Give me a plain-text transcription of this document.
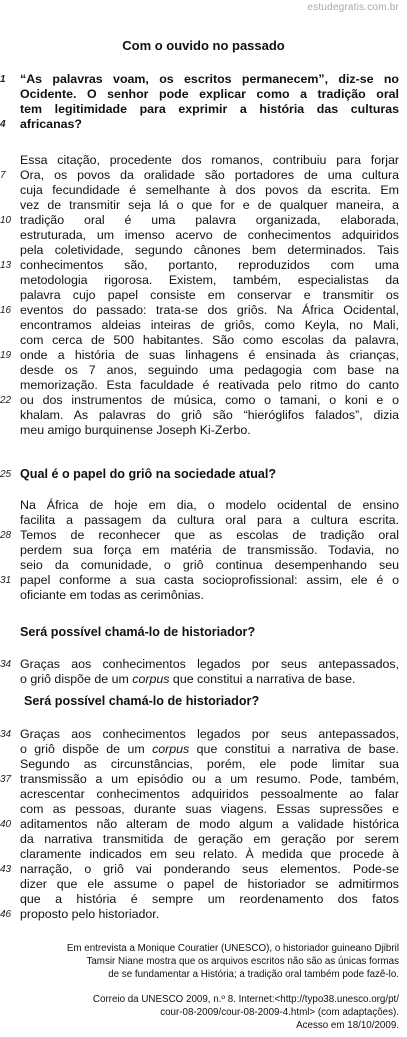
estudegratis.com.br
Com o ouvido no passado
1	“As palavras voam, os escritos permanecem”, diz-se no
Ocidente. O senhor pode explicar como a tradição oral
tem legitimidade para exprimir a história das culturas
4	africanas?
Essa citação, procedente dos romanos, contribuiu para forjar
7	Ora, os povos da oralidade são portadores de uma cultura
cuja fecundidade é semelhante à dos povos da escrita. Em
vez de transmitir seja lá o que for e de qualquer maneira, a
10 tradição oral é uma palavra organizada, elaborada,
estruturada, um imenso acervo de conhecimentos adquiridos
pela coletividade, segundo cânones bem determinados. Tais
13 conhecimentos são, portanto, reproduzidos com uma
metodologia rigorosa. Existem, também, especialistas da
palavra cujo papel consiste em conservar e transmitir os
16 eventos do passado: trata-se dos griôs. Na África Ocidental,
encontramos aldeias inteiras de griôs, como Keyla, no Mali,
com cerca de 500 habitantes. São como escolas da palavra,
19 onde a história de suas linhagens é ensinada às crianças,
desde os 7 anos, seguindo uma pedagogia com base na
memorização. Esta faculdade é reativada pelo ritmo do canto
22 ou dos instrumentos de música, como o tamani, o koni e o
khalam. As palavras do griô são “hieróglifos falados”, dizia
meu amigo burquinense Joseph Ki-Zerbo.
25 Qual é o papel do griô na sociedade atual?
Na África de hoje em dia, o modelo ocidental de ensino
facilita a passagem da cultura oral para a cultura escrita.
28 Temos de reconhecer que as escolas de tradição oral
perdem sua força em matéria de transmissão. Todavia, no
seio da comunidade, o griô continua desempenhando seu
31 papel conforme a sua casta socioprofissional: assim, ele é o
oficiante em todas as cerimônias.
Será possível chamá-lo de historiador?
34 Graças aos conhecimentos legados por seus antepassados,
o griô dispõe de um corpus que constitui a narrativa de base.
Será possível chamá-lo de historiador?
34 Graças aos conhecimentos legados por seus antepassados,
o griô dispõe de um corpus que constitui a narrativa de base.
Segundo as circunstâncias, porém, ele pode limitar sua
37 transmissão a um episódio ou a um resumo. Pode, também,
acrescentar conhecimentos adquiridos pessoalmente ao falar
com as pessoas, durante suas viagens. Essas supressões e
40 aditamentos não alteram de modo algum a validade histórica
da narrativa transmitida de geração em geração por serem
claramente indicados em seu relato. À medida que procede à
43 narração, o griô vai ponderando seus elementos. Pode-se
dizer que ele assume o papel de historiador se admitirmos
que a história é sempre um reordenamento dos fatos
46 proposto pelo historiador.
Em entrevista a Monique Couratier (UNESCO), o historiador guineano Djibril
Tamsir Niane mostra que os arquivos escritos não são as únicas formas
de se fundamentar a História; a tradição oral também pode fazê-lo.
Correio da UNESCO 2009, n.º 8. Internet:<http://typo38.unesco.org/pt/
cour-08-2009/cour-08-2009-4.html> (com adaptações).
Acesso em 18/10/2009.
